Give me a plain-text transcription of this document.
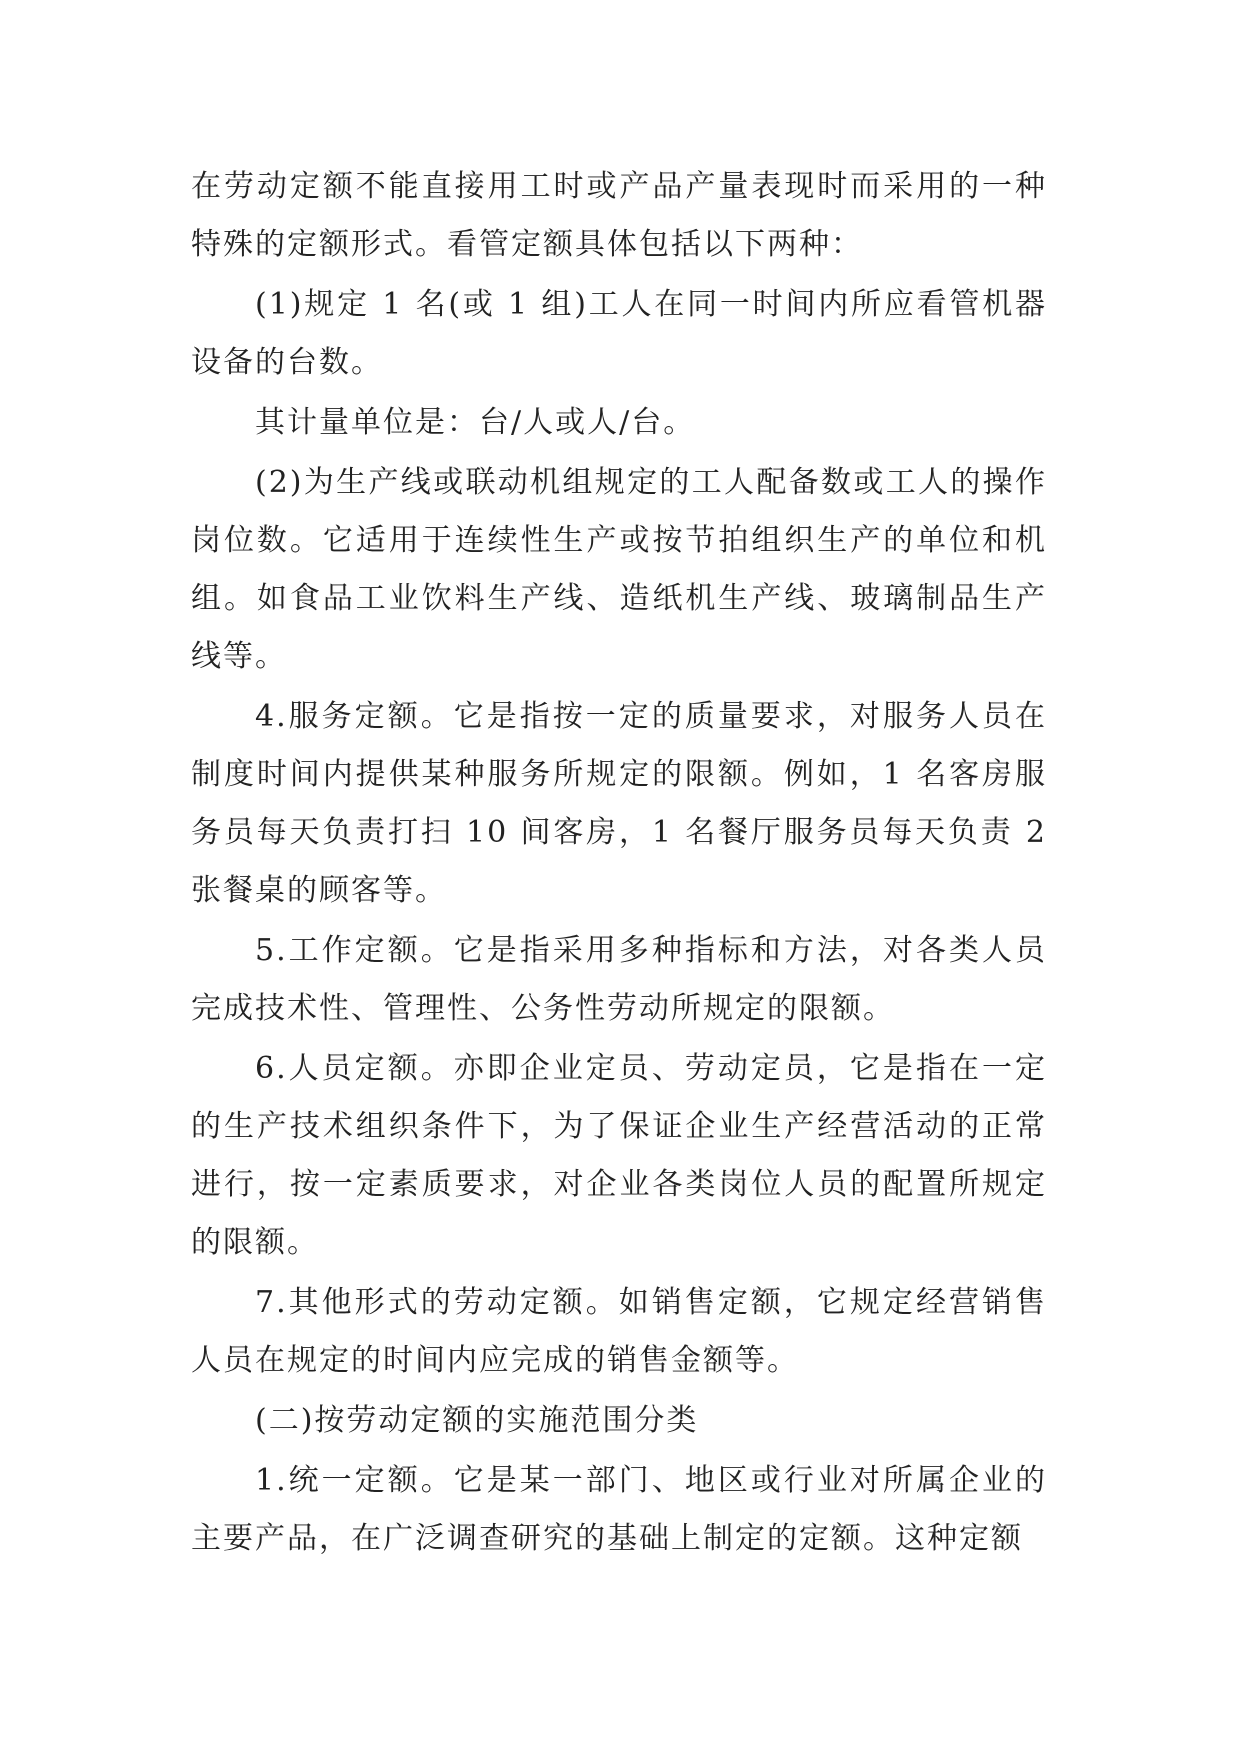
在劳动定额不能直接用工时或产品产量表现时而采用的一种特殊的定额形式。看管定额具体包括以下两种：

(1)规定 1 名(或 1 组)工人在同一时间内所应看管机器设备的台数。

其计量单位是：台/人或人/台。

(2)为生产线或联动机组规定的工人配备数或工人的操作岗位数。它适用于连续性生产或按节拍组织生产的单位和机组。如食品工业饮料生产线、造纸机生产线、玻璃制品生产线等。

4.服务定额。它是指按一定的质量要求，对服务人员在制度时间内提供某种服务所规定的限额。例如，1 名客房服务员每天负责打扫 10 间客房，1 名餐厅服务员每天负责 2 张餐桌的顾客等。

5.工作定额。它是指采用多种指标和方法，对各类人员完成技术性、管理性、公务性劳动所规定的限额。

6.人员定额。亦即企业定员、劳动定员，它是指在一定的生产技术组织条件下，为了保证企业生产经营活动的正常进行，按一定素质要求，对企业各类岗位人员的配置所规定的限额。

7.其他形式的劳动定额。如销售定额，它规定经营销售人员在规定的时间内应完成的销售金额等。

(二)按劳动定额的实施范围分类

1.统一定额。它是某一部门、地区或行业对所属企业的主要产品，在广泛调查研究的基础上制定的定额。这种定额
